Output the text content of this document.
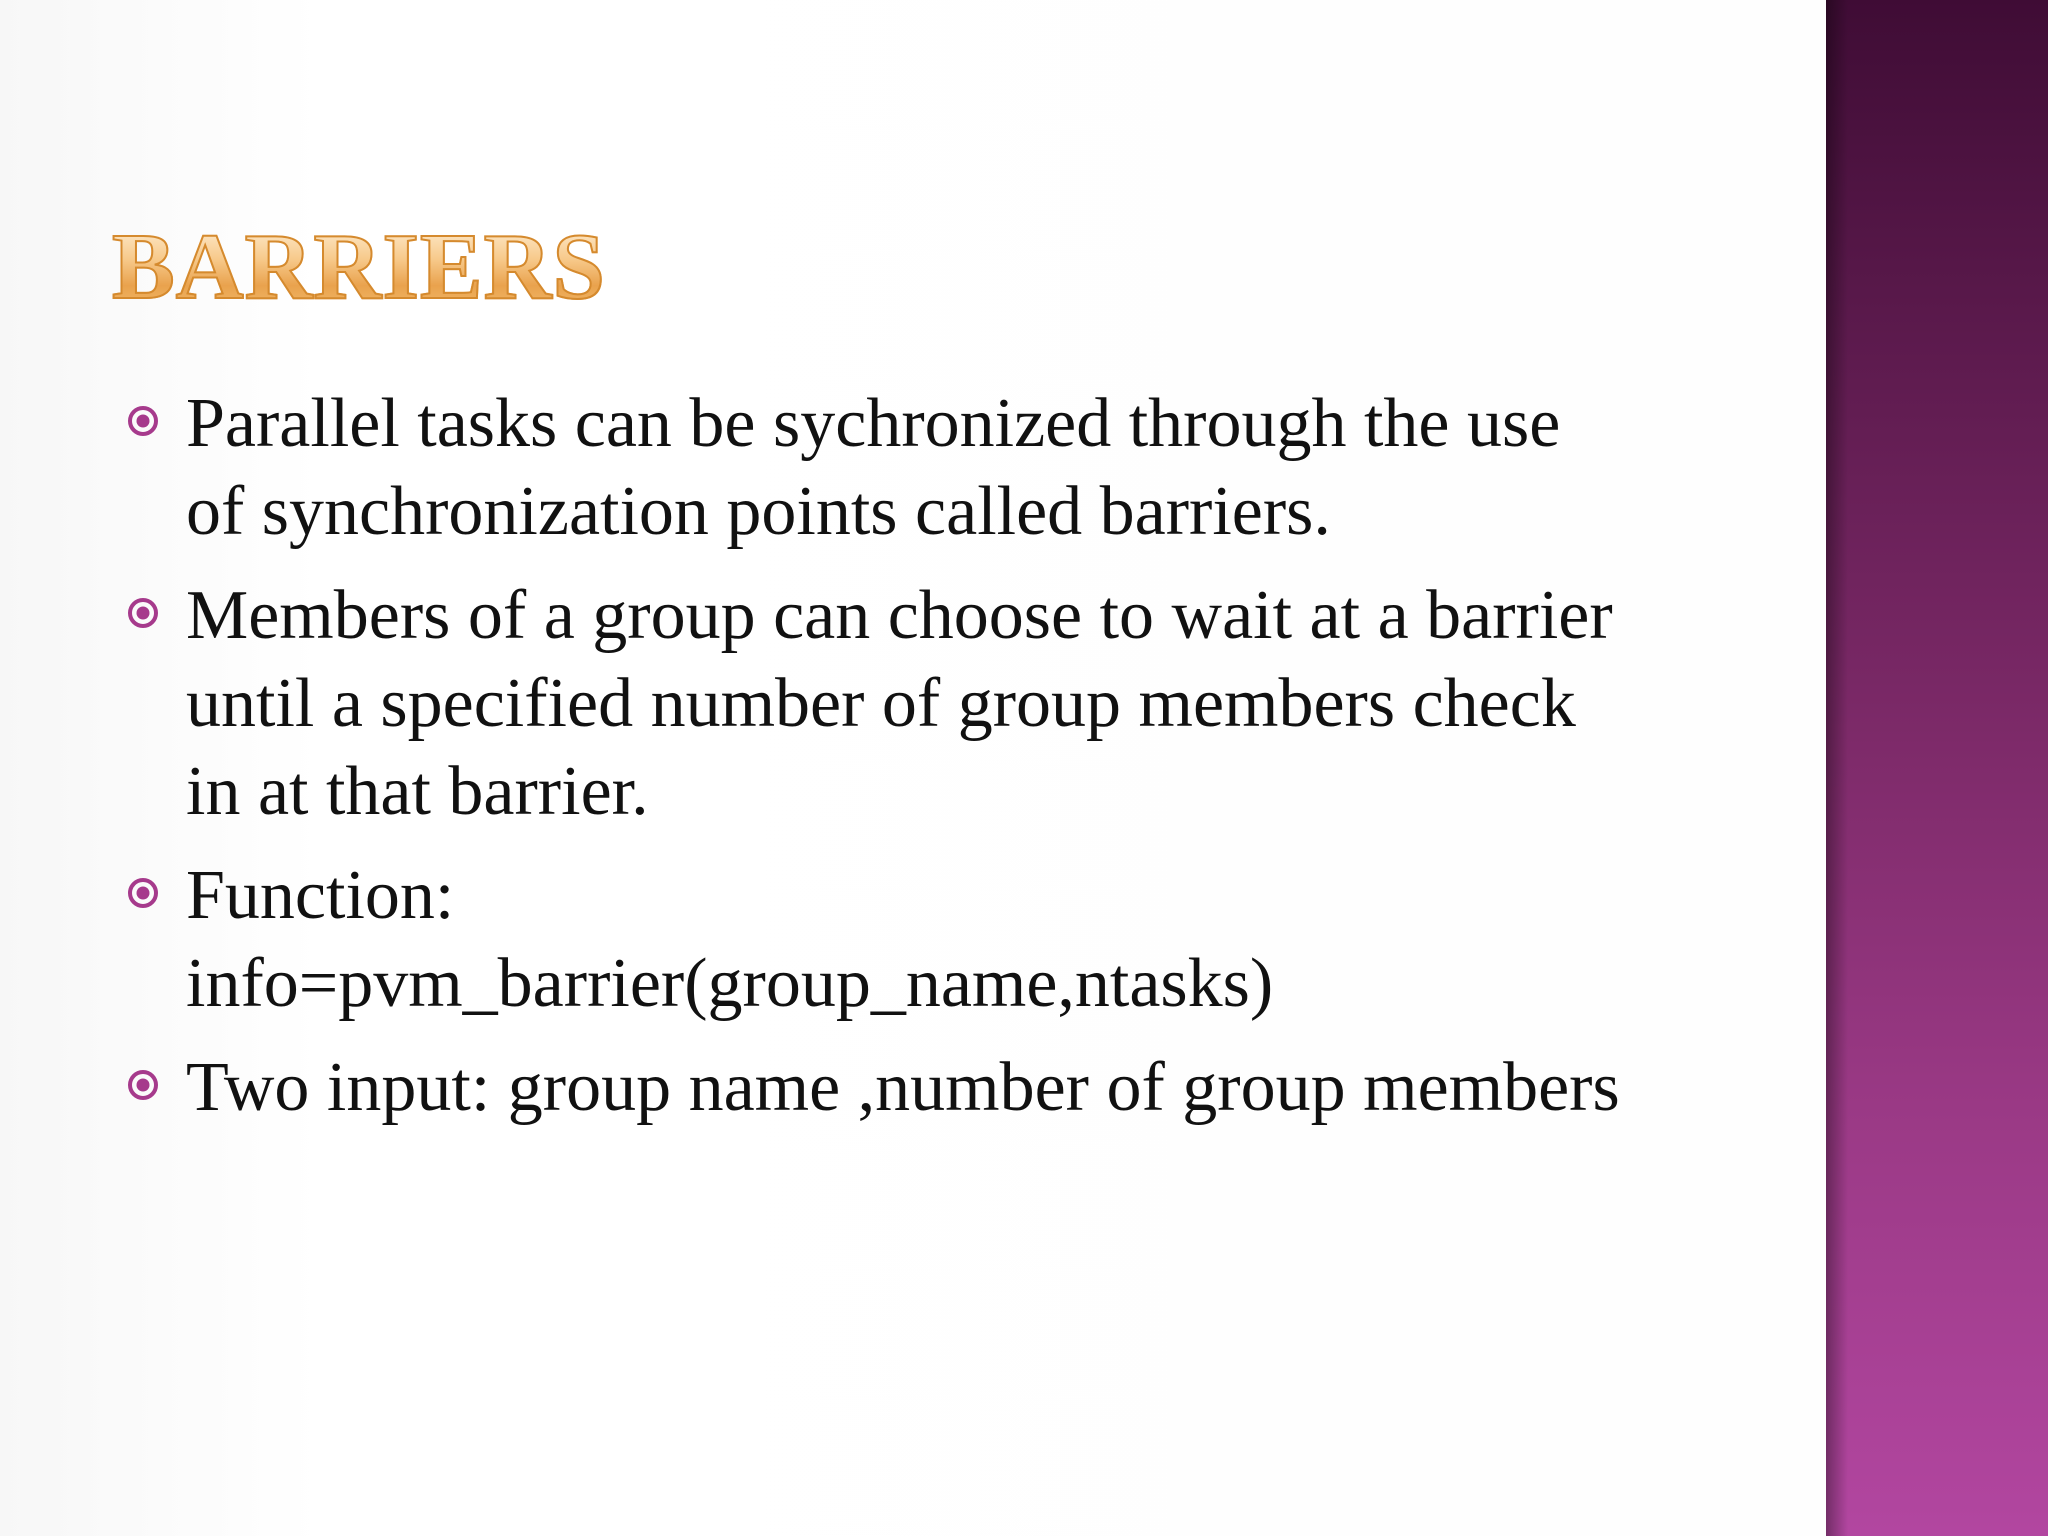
BARRIERS
Parallel tasks can be sychronized through the use
of synchronization points called barriers.
Members of a group can choose to wait at a barrier
until a specified number of group members check
in at that barrier.
Function:
info=pvm_barrier(group_name,ntasks)
Two input: group name ,number of group members
